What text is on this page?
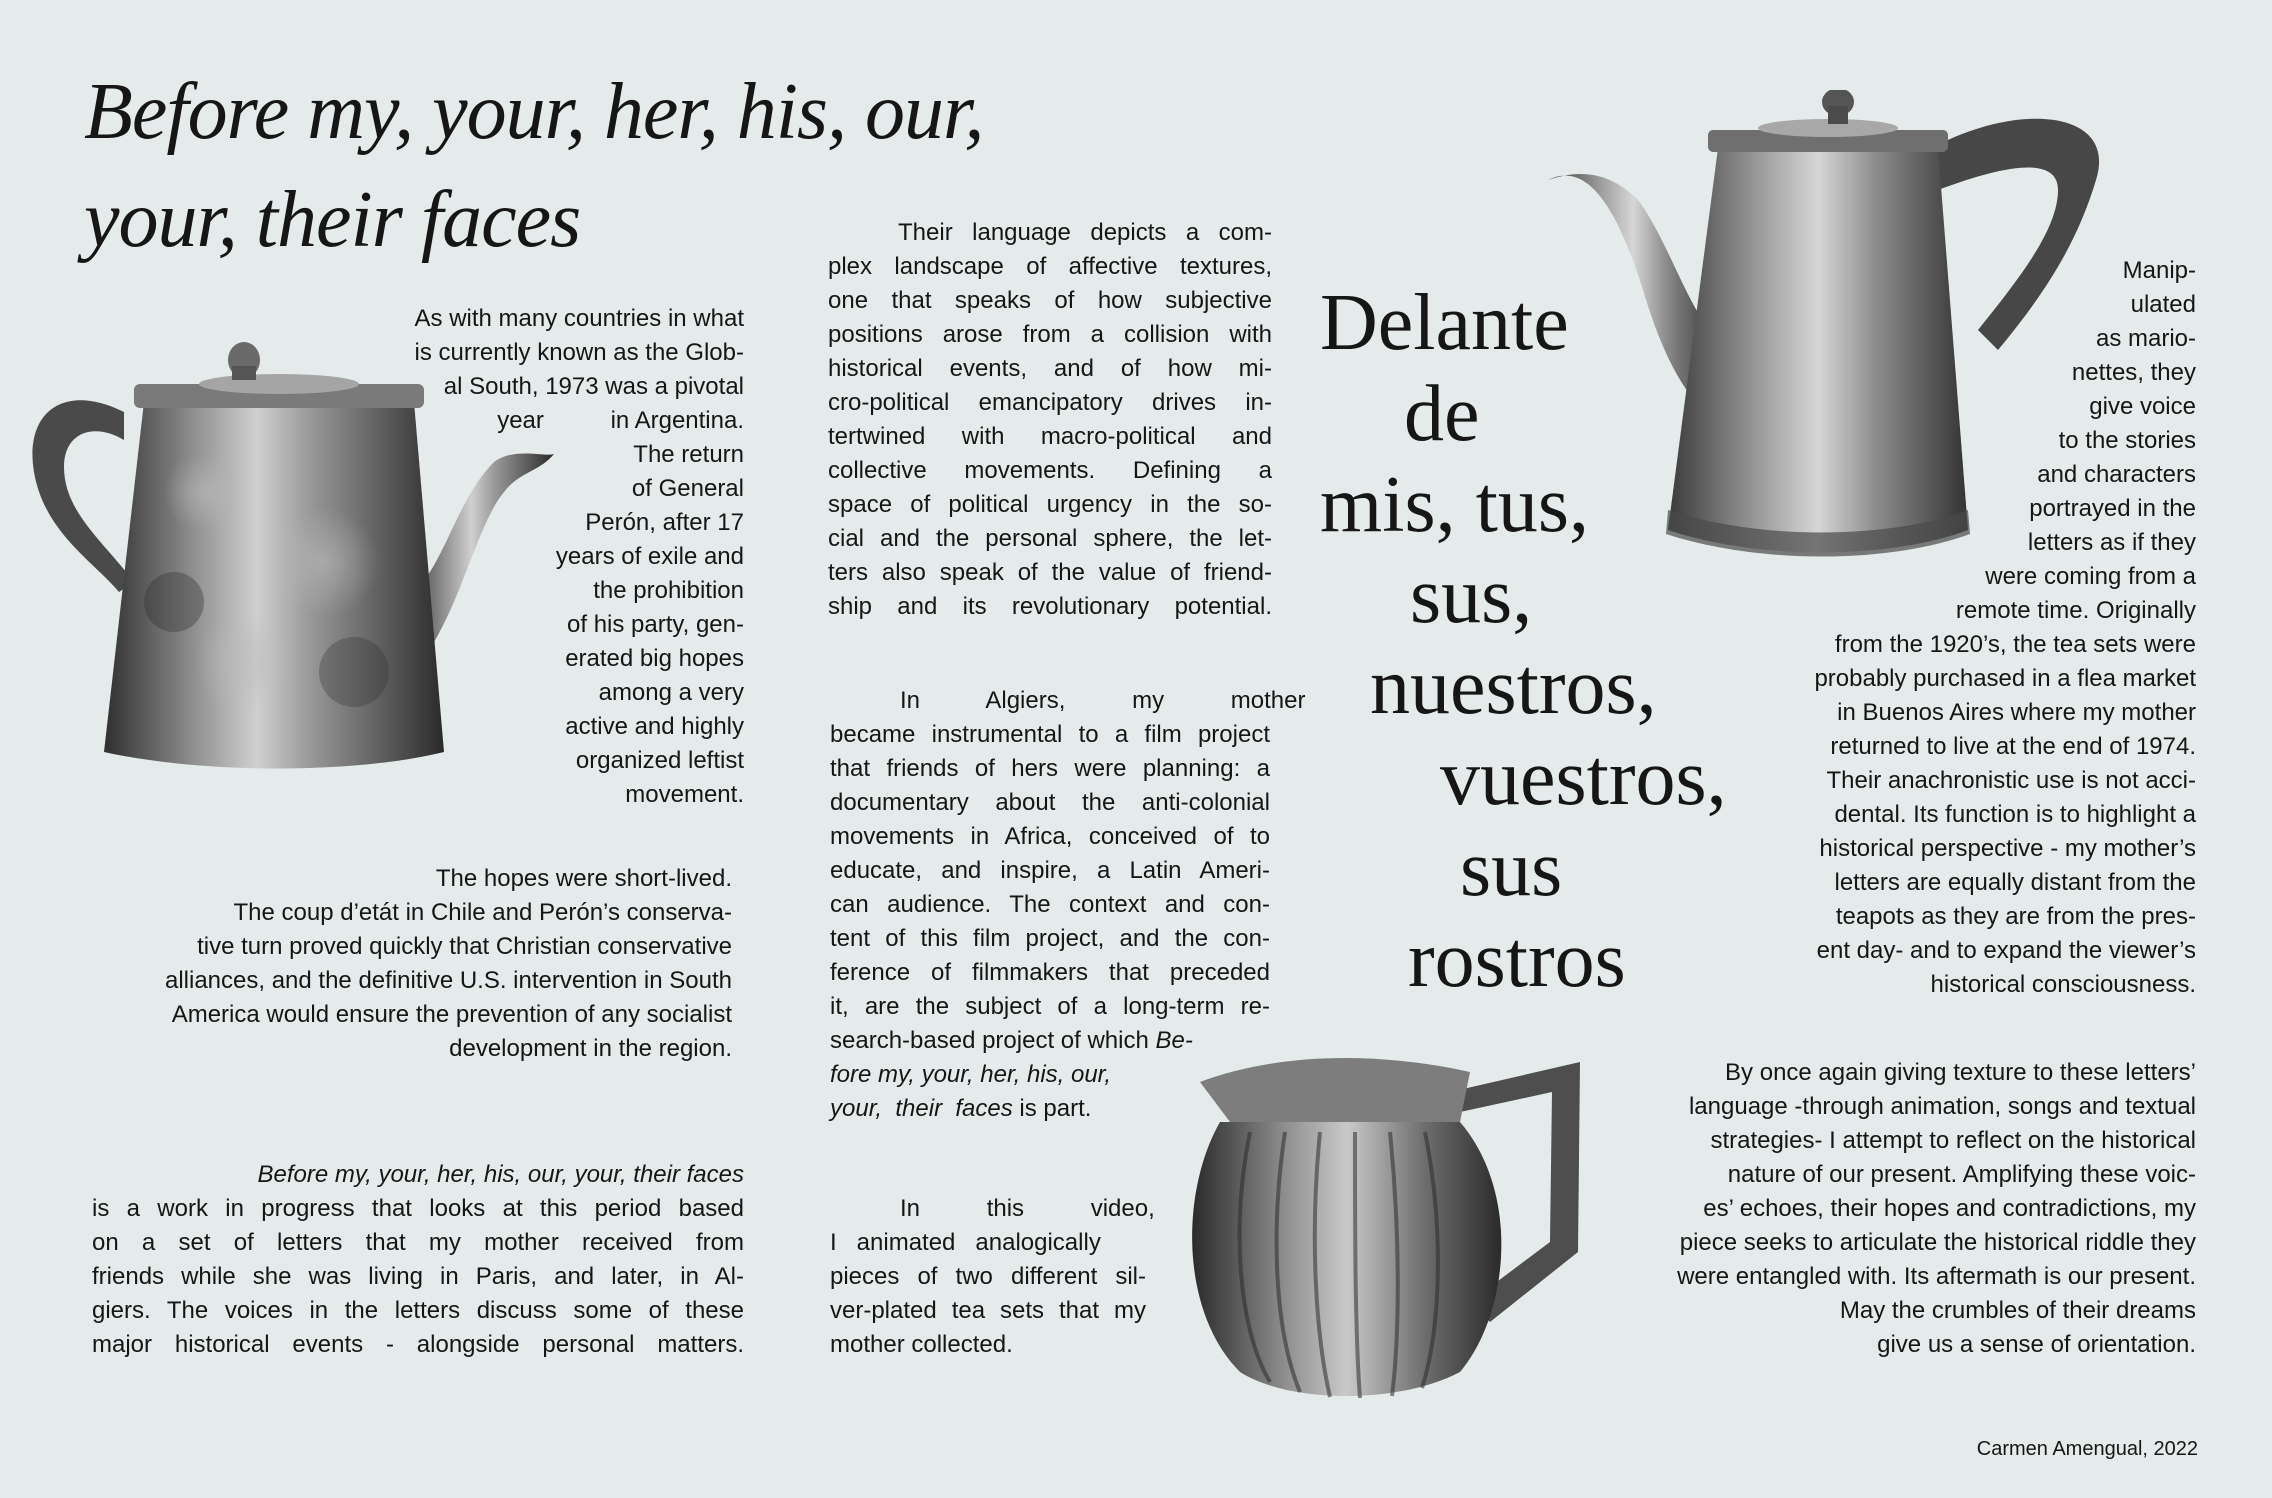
Before my, your, her, his, our,
your, their faces

As with many countries in what
is currently known as the Glob-
al South, 1973 was a pivotal
year          in Argentina.
The return
of General
Perón, after 17
years of exile and
the prohibition
of his party, gen-
erated big hopes
among a very
active and highly
organized leftist
movement.

The hopes were short-lived.
The coup d’etát in Chile and Perón’s conserva-
tive turn proved quickly that Christian conservative
alliances, and the definitive U.S. intervention in South
America would ensure the prevention of any socialist
development in the region.

Before my, your, her, his, our, your, their faces
is a work in progress that looks at this period based
on a set of letters that my mother received from
friends while she was living in Paris, and later, in Al-
giers. The voices in the letters discuss some of these
major historical events - alongside personal matters.

Their language depicts a com-
plex landscape of affective textures,
one that speaks of how subjective
positions arose from a collision with
historical events, and of how mi-
cro-political emancipatory drives in-
tertwined with macro-political and
collective movements. Defining a
space of political urgency in the so-
cial and the personal sphere, the let-
ters also speak of the value of friend-
ship and its revolutionary potential.

In          Algiers,          my          mother
became instrumental to a film project
that friends of hers were planning: a
documentary about the anti-colonial
movements in Africa, conceived of to
educate, and inspire, a Latin Ameri-
can audience. The context and con-
tent of this film project, and the con-
ference of filmmakers that preceded
it, are the subject of a long-term re-
search-based project of which Be-
fore my, your, her, his, our,
your,  their  faces is part.

In          this          video,
I   animated   analogically
pieces of two different sil-
ver-plated tea sets that my
mother collected.

Delante
de
mis, tus,
sus,
nuestros,
vuestros,
sus
rostros

Manip-
ulated
as mario-
nettes, they
give voice
to the stories
and characters
portrayed in the
letters as if they
were coming from a
remote time. Originally
from the 1920’s, the tea sets were
probably purchased in a flea market
in Buenos Aires where my mother
returned to live at the end of 1974.
Their anachronistic use is not acci-
dental. Its function is to highlight a
historical perspective - my mother’s
letters are equally distant from the
teapots as they are from the pres-
ent day- and to expand the viewer’s
historical consciousness.

By once again giving texture to these letters’
language -through animation, songs and textual
strategies- I attempt to reflect on the historical
nature of our present. Amplifying these voic-
es’ echoes, their hopes and contradictions, my
piece seeks to articulate the historical riddle they
were entangled with. Its aftermath is our present.
May the crumbles of their dreams
give us a sense of orientation.

Carmen Amengual, 2022
